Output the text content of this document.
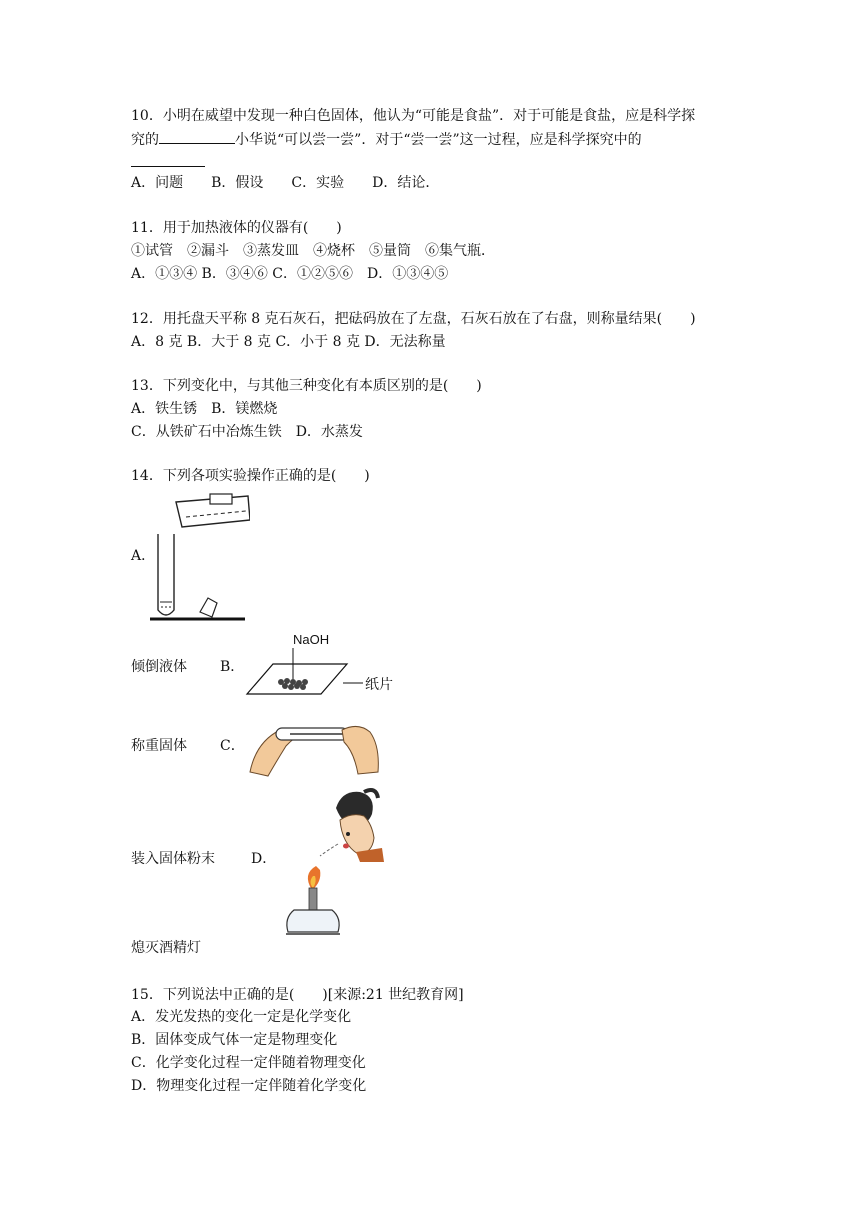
10．小明在威望中发现一种白色固体，他认为“可能是食盐”．对于可能是食盐，应是科学探
究的	小华说“可以尝一尝”．对于“尝一尝”这一过程，应是科学探究中的
A．问题　　B．假设　　C．实验　　D．结论．
11．用于加热液体的仪器有(　　)
①试管　②漏斗　③蒸发皿　④烧杯　⑤量筒　⑥集气瓶．
A．①③④ B．③④⑥ C．①②⑤⑥　D．①③④⑤
12．用托盘天平称 8 克石灰石，把砝码放在了左盘，石灰石放在了右盘，则称量结果(　　)
A．8 克 B．大于 8 克 C．小于 8 克 D．无法称量
13．下列变化中，与其他三种变化有本质区别的是(　　)
A．铁生锈　B．镁燃烧
C．从铁矿石中冶炼生铁　D．水蒸发
14．下列各项实验操作正确的是(　　)
A．
倾倒液体 B．
NaOH
纸片
称重固体 C．
装入固体粉末	D．
熄灭酒精灯
15．下列说法中正确的是(　　)[来源:21 世纪教育网]
A．发光发热的变化一定是化学变化
B．固体变成气体一定是物理变化
C．化学变化过程一定伴随着物理变化
D．物理变化过程一定伴随着化学变化
